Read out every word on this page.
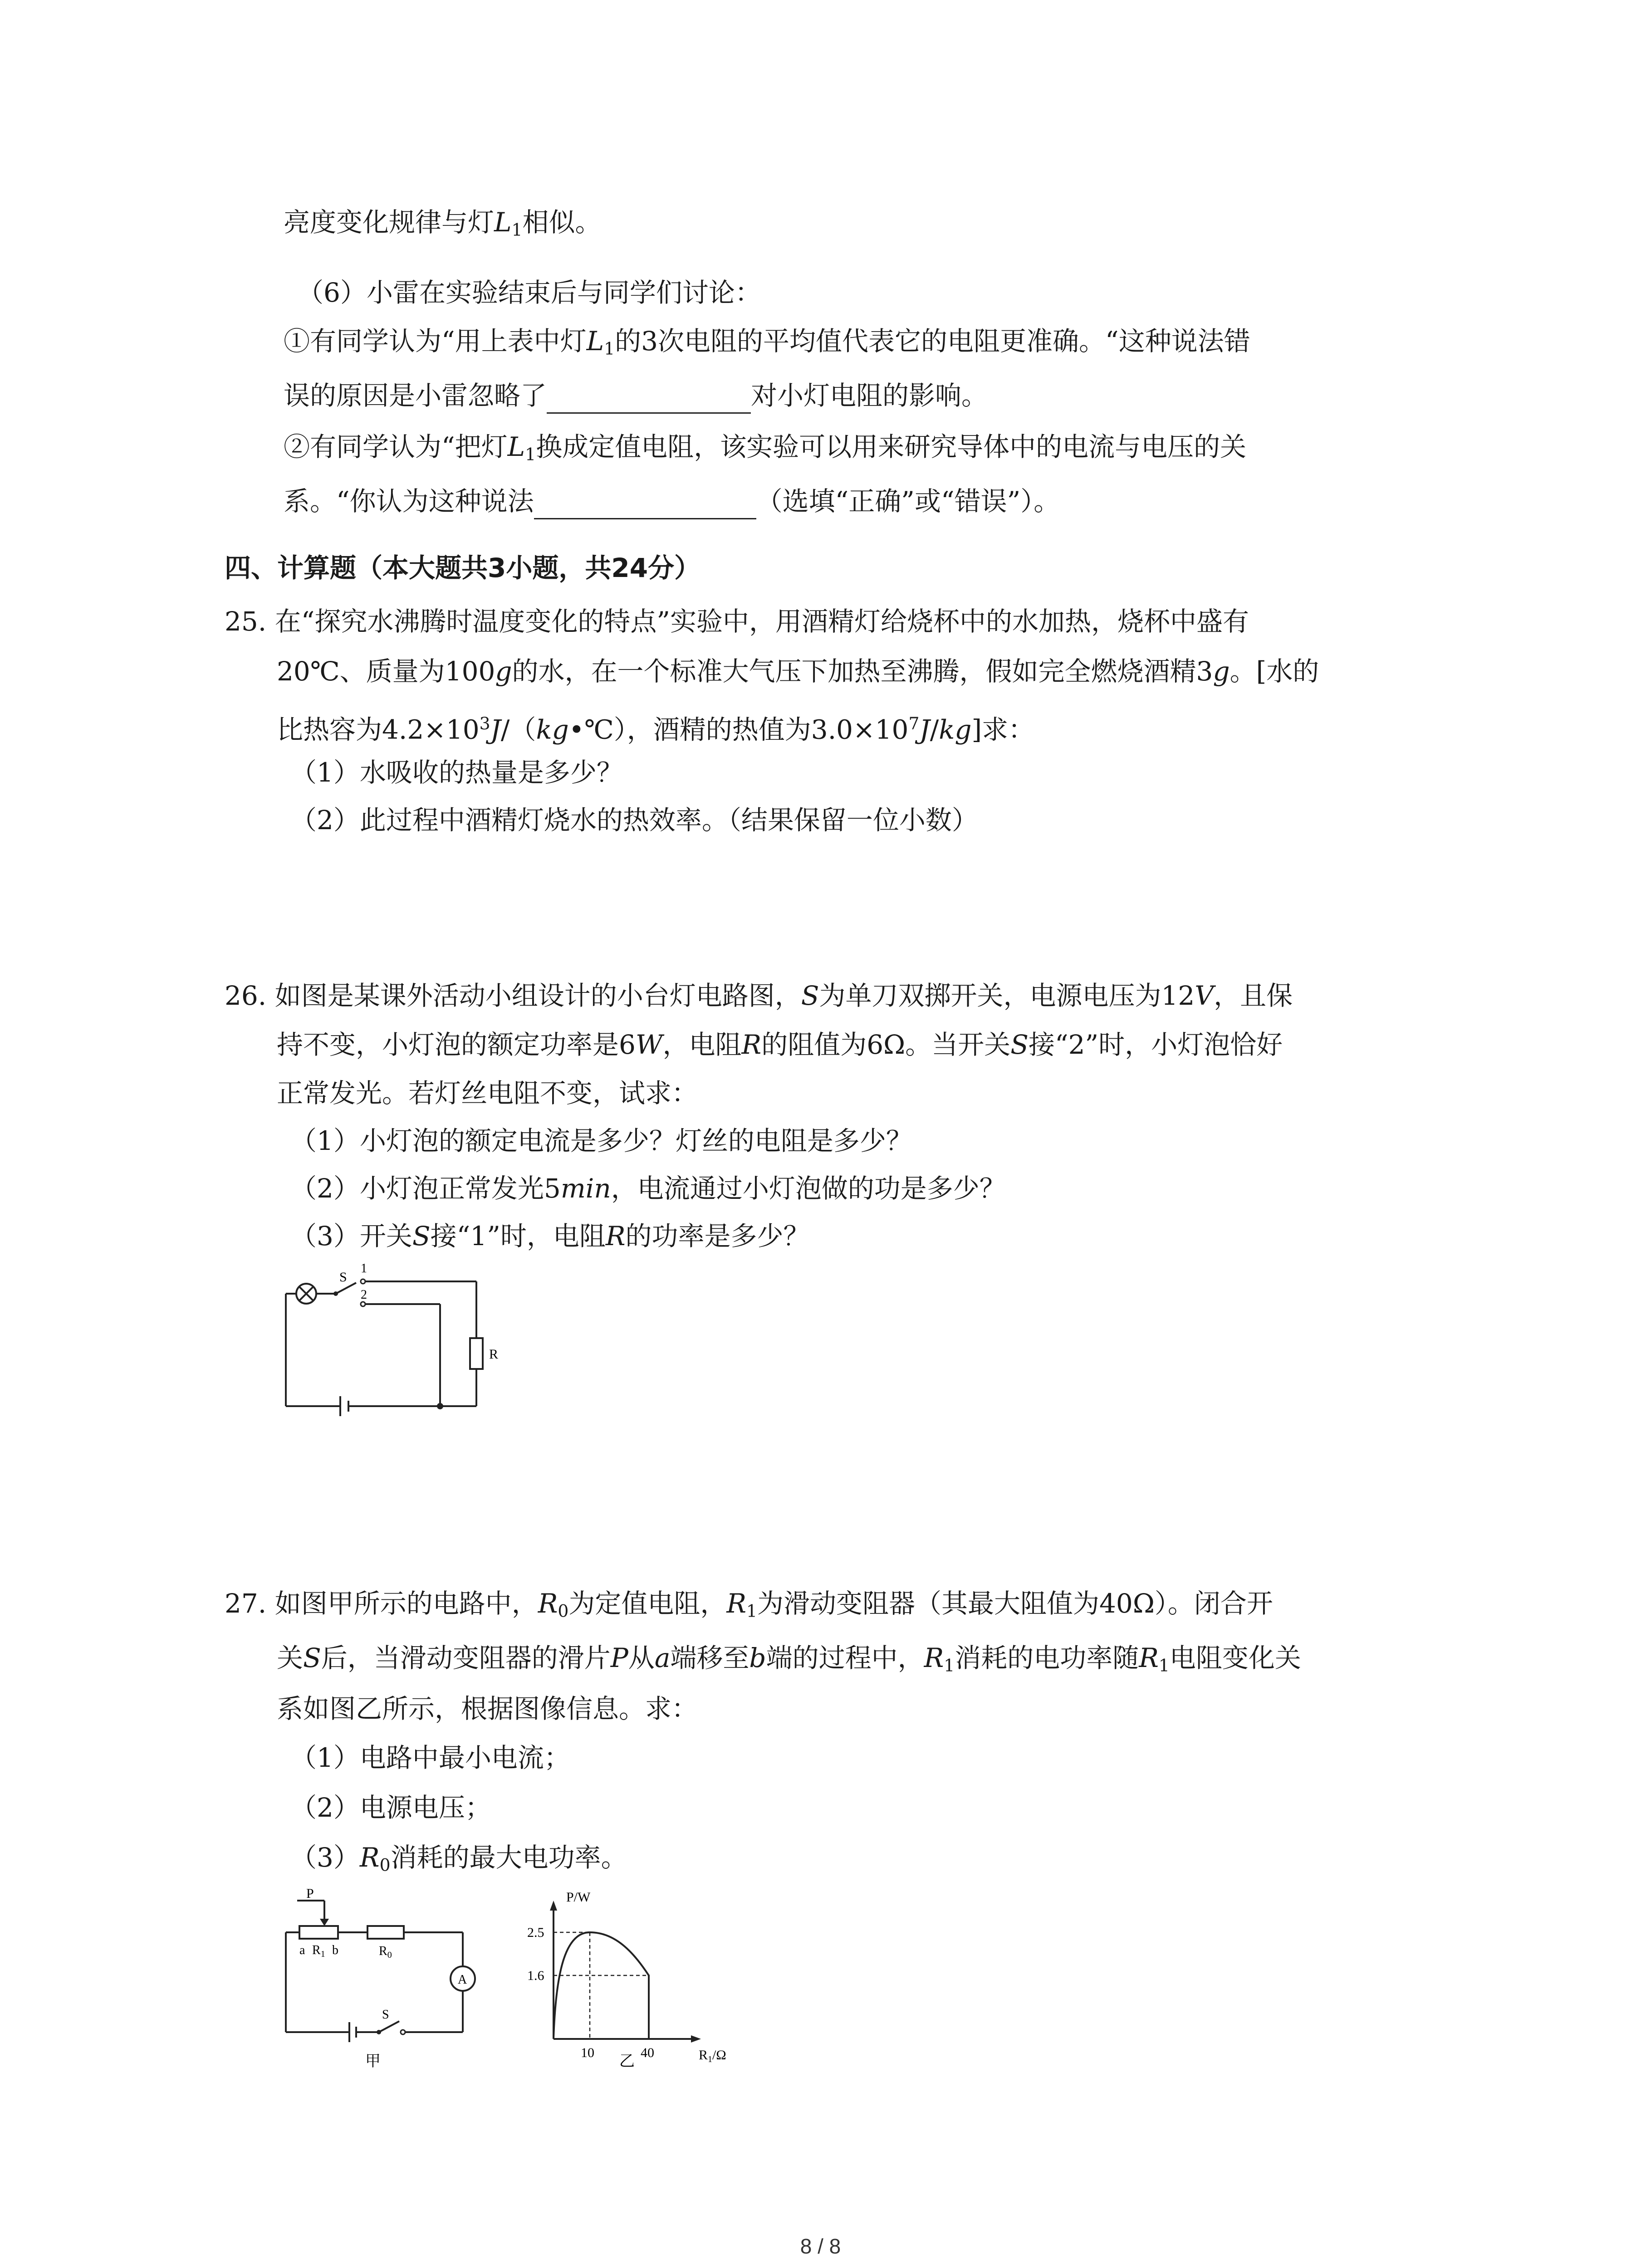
亮度变化规律与灯$L_1$相似。
（6）小雷在实验结束后与同学们讨论：
①有同学认为“用上表中灯$L_1$的3次电阻的平均值代表它的电阻更准确。“这种说法错
误的原因是小雷忽略了	对小灯电阻的影响。
②有同学认为“把灯$L_1$换成定值电阻，该实验可以用来研究导体中的电流与电压的关
系。“你认为这种说法	（选填“正确”或“错误”）。
四、计算题（本大题共3小题，共24分）
25. 在“探究水沸腾时温度变化的特点”实验中，用酒精灯给烧杯中的水加热，烧杯中盛有
20℃、质量为100g的水，在一个标准大气压下加热至沸腾，假如完全燃烧酒精3g。[水的
比热容为$4.2\times 10^3J/(kg•℃)$，酒精的热值为$3.0\times 10^7J/kg$]求：
（1）水吸收的热量是多少？
（2）此过程中酒精灯烧水的热效率。（结果保留一位小数）
26. 如图是某课外活动小组设计的小台灯电路图，S为单刀双掷开关，电源电压为12V，且保
持不变，小灯泡的额定功率是6W，电阻R的阻值为6Ω。当开关S接“2”时，小灯泡恰好
正常发光。若灯丝电阻不变，试求：
（1）小灯泡的额定电流是多少？灯丝的电阻是多少？
（2）小灯泡正常发光5min，电流通过小灯泡做的功是多少？
（3）开关S接“1”时，电阻R的功率是多少？
S
1
2
R
27. 如图甲所示的电路中，$R_0$为定值电阻，$R_1$为滑动变阻器（其最大阻值为40Ω）。闭合开
关S后，当滑动变阻器的滑片P从a端移至b端的过程中，$R_1$消耗的电功率随$R_1$电阻变化关
系如图乙所示，根据图像信息。求：
（1）电路中最小电流；
（2）电源电压；
$(3)R_0$消耗的最大电功率。
P
a $R_1$ b	$R_0$
A
S
甲
P/W
2.5
1.6
10	40	$R_1/\Omega$
乙
8 / 8
